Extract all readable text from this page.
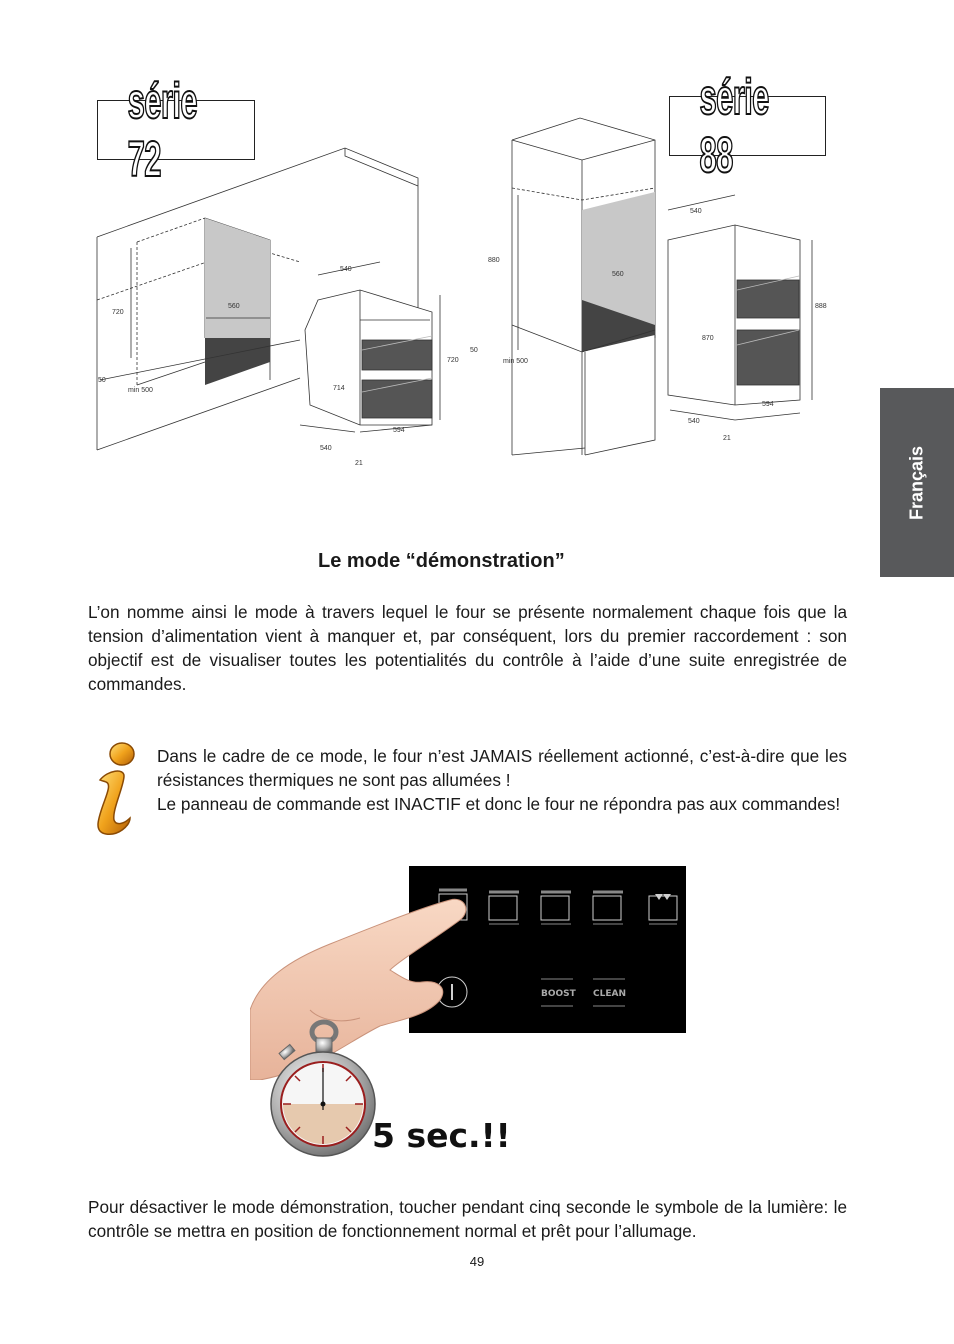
série 72
série 88
540
560
720
720
714
50
min 500
540
594
21
540
880
560
888
870
50
min 500
594
540
21
Français
Le mode “démonstration”
L’on nomme ainsi le mode à travers lequel le four se présente normalement chaque fois que la tension d’alimentation vient à manquer et, par conséquent, lors du premier raccordement : son objectif est de visualiser toutes les potentialités du contrôle à l’aide d’une suite enregistrée de commandes.
Dans le cadre de ce mode, le four n’est JAMAIS réellement actionné, c’est-à-dire que les résistances thermiques ne sont pas allumées !
Le panneau de commande est INACTIF et donc le four ne répondra pas aux commandes!
BOOST CLEAN
5 sec.!!
Pour désactiver le mode démonstration, toucher pendant cinq seconde le symbole de la lumière: le contrôle se mettra en position de fonctionnement normal et prêt pour l’allumage.
49
